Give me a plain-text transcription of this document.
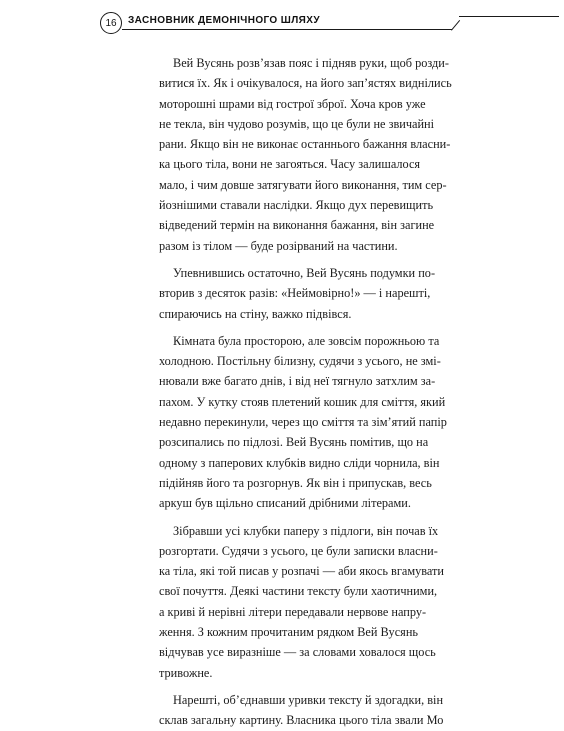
16	ЗАСНОВНИК ДЕМОНІЧНОГО ШЛЯХУ
Вей Вусянь розв’язав пояс і підняв руки, щоб розди-
витися їх. Як і очікувалося, на його зап’ястях виднілись
моторошні шрами від гострої зброї. Хоча кров уже
не текла, він чудово розумів, що це були не звичайні
рани. Якщо він не виконає останнього бажання власни-
ка цього тіла, вони не загояться. Часу залишалося
мало, і чим довше затягувати його виконання, тим сер-
йознішими ставали наслідки. Якщо дух перевищить
відведений термін на виконання бажання, він загине
разом із тілом — буде розірваний на частини.
Упевнившись остаточно, Вей Вусянь подумки по-
вторив з десяток разів: «Неймовірно!» — і нарешті,
спираючись на стіну, важко підвівся.
Кімната була просторою, але зовсім порожньою та
холодною. Постільну білизну, судячи з усього, не змі-
нювали вже багато днів, і від неї тягнуло затхлим за-
пахом. У кутку стояв плетений кошик для сміття, який
недавно перекинули, через що сміття та зім’ятий папір
розсипались по підлозі. Вей Вусянь помітив, що на
одному з паперових клубків видно сліди чорнила, він
підійняв його та розгорнув. Як він і припускав, весь
аркуш був щільно списаний дрібними літерами.
Зібравши усі клубки паперу з підлоги, він почав їх
розгортати. Судячи з усього, це були записки власни-
ка тіла, які той писав у розпачі — аби якось вгамувати
свої почуття. Деякі частини тексту були хаотичними,
а криві й нерівні літери передавали нервове напру-
ження. З кожним прочитаним рядком Вей Вусянь
відчував усе виразніше — за словами ховалося щось
тривожне.
Нарешті, об’єднавши уривки тексту й здогадки, він
склав загальну картину. Власника цього тіла звали Мо
